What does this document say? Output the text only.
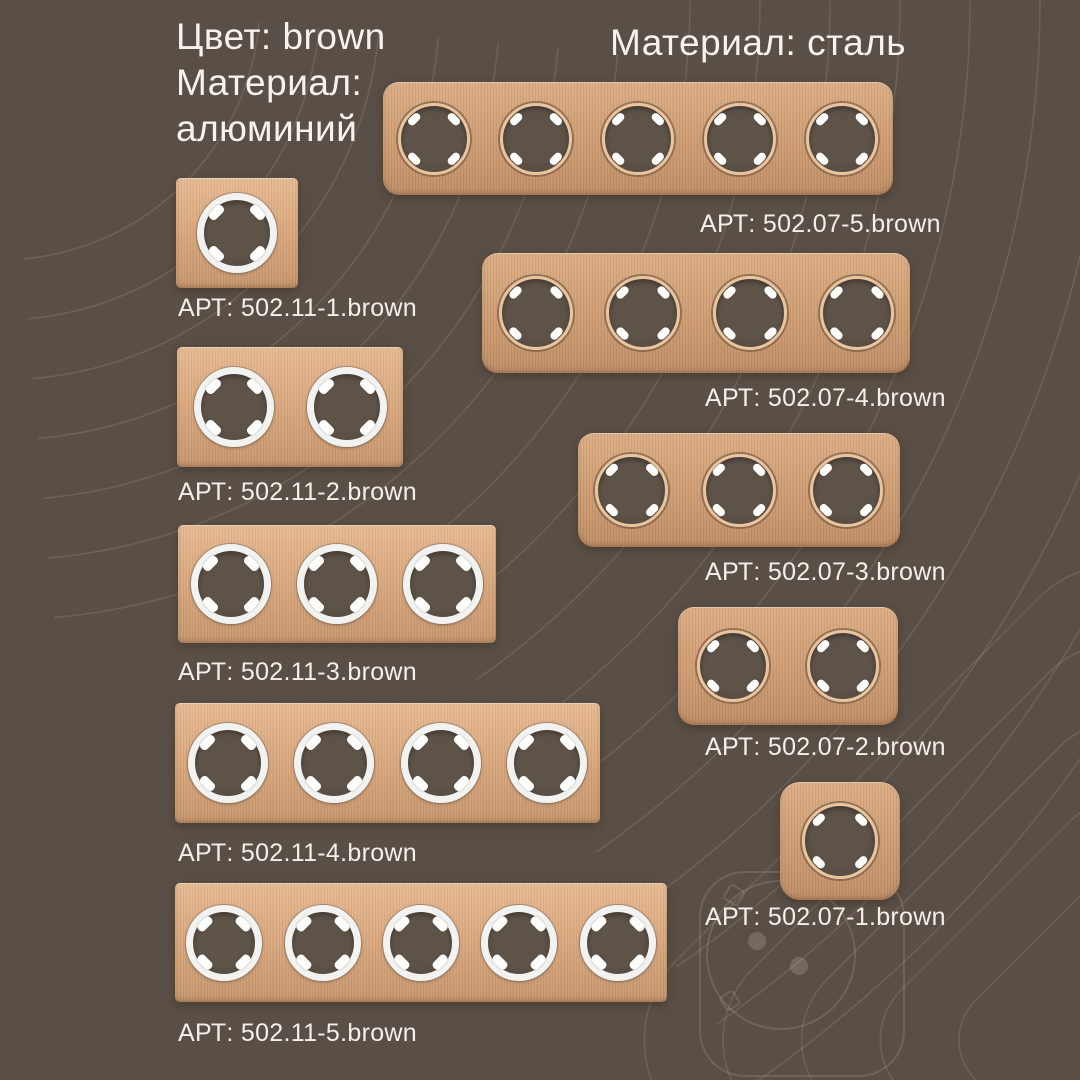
Цвет: brown
Материал:
алюминий
Материал: сталь
АРТ: 502.11-1.brown
АРТ: 502.11-2.brown
АРТ: 502.11-3.brown
АРТ: 502.11-4.brown
АРТ: 502.11-5.brown
АРТ: 502.07-5.brown
АРТ: 502.07-4.brown
АРТ: 502.07-3.brown
АРТ: 502.07-2.brown
АРТ: 502.07-1.brown
